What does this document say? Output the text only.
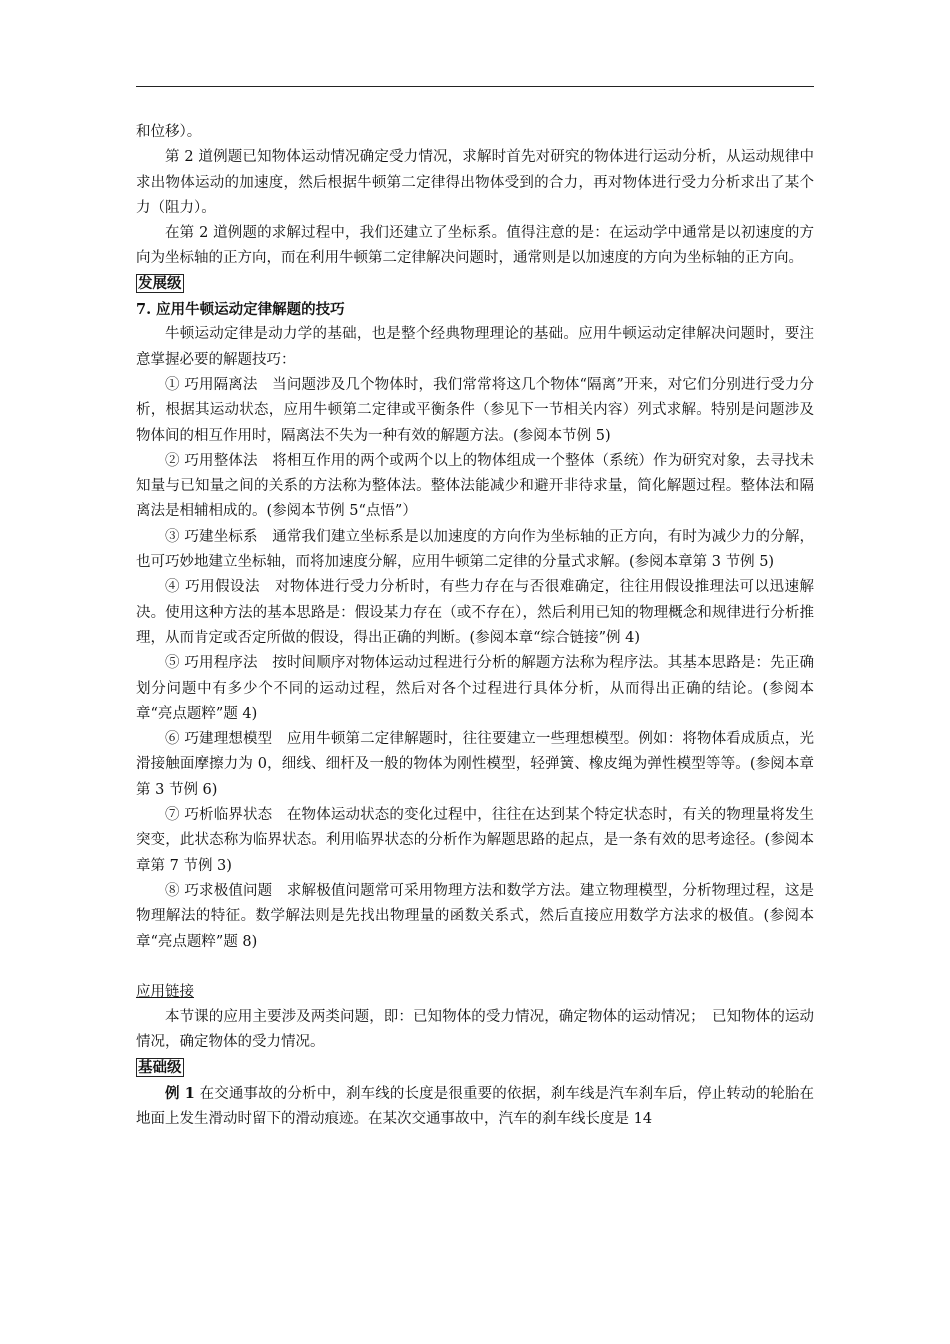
和位移）。

第 2 道例题已知物体运动情况确定受力情况，求解时首先对研究的物体进行运动分析，从运动规律中求出物体运动的加速度，然后根据牛顿第二定律得出物体受到的合力，再对物体进行受力分析求出了某个力（阻力）。

在第 2 道例题的求解过程中，我们还建立了坐标系。值得注意的是：在运动学中通常是以初速度的方向为坐标轴的正方向，而在利用牛顿第二定律解决问题时，通常则是以加速度的方向为坐标轴的正方向。

发展级

7. 应用牛顿运动定律解题的技巧

牛顿运动定律是动力学的基础，也是整个经典物理理论的基础。应用牛顿运动定律解决问题时，要注意掌握必要的解题技巧：

① 巧用隔离法　当问题涉及几个物体时，我们常常将这几个物体“隔离”开来，对它们分别进行受力分析，根据其运动状态，应用牛顿第二定律或平衡条件（参见下一节相关内容）列式求解。特别是问题涉及物体间的相互作用时，隔离法不失为一种有效的解题方法。(参阅本节例 5)

② 巧用整体法　将相互作用的两个或两个以上的物体组成一个整体（系统）作为研究对象，去寻找未知量与已知量之间的关系的方法称为整体法。整体法能减少和避开非待求量，简化解题过程。整体法和隔离法是相辅相成的。(参阅本节例 5“点悟”）

③ 巧建坐标系　通常我们建立坐标系是以加速度的方向作为坐标轴的正方向，有时为减少力的分解，也可巧妙地建立坐标轴，而将加速度分解，应用牛顿第二定律的分量式求解。(参阅本章第 3 节例 5)

④ 巧用假设法　对物体进行受力分析时，有些力存在与否很难确定，往往用假设推理法可以迅速解决。使用这种方法的基本思路是：假设某力存在（或不存在），然后利用已知的物理概念和规律进行分析推理，从而肯定或否定所做的假设，得出正确的判断。(参阅本章“综合链接”例 4)

⑤ 巧用程序法　按时间顺序对物体运动过程进行分析的解题方法称为程序法。其基本思路是：先正确划分问题中有多少个不同的运动过程，然后对各个过程进行具体分析，从而得出正确的结论。(参阅本章“亮点题粹”题 4)

⑥ 巧建理想模型　应用牛顿第二定律解题时，往往要建立一些理想模型。例如：将物体看成质点，光滑接触面摩擦力为 0，细线、细杆及一般的物体为刚性模型，轻弹簧、橡皮绳为弹性模型等等。(参阅本章第 3 节例 6)

⑦ 巧析临界状态　在物体运动状态的变化过程中，往往在达到某个特定状态时，有关的物理量将发生突变，此状态称为临界状态。利用临界状态的分析作为解题思路的起点，是一条有效的思考途径。(参阅本章第 7 节例 3)

⑧ 巧求极值问题　求解极值问题常可采用物理方法和数学方法。建立物理模型，分析物理过程，这是物理解法的特征。数学解法则是先找出物理量的函数关系式，然后直接应用数学方法求的极值。(参阅本章“亮点题粹”题 8)

应用链接

本节课的应用主要涉及两类问题，即：已知物体的受力情况，确定物体的运动情况；　已知物体的运动情况，确定物体的受力情况。

基础级

例 1 在交通事故的分析中，刹车线的长度是很重要的依据，刹车线是汽车刹车后，停止转动的轮胎在地面上发生滑动时留下的滑动痕迹。在某次交通事故中，汽车的刹车线长度是 14
